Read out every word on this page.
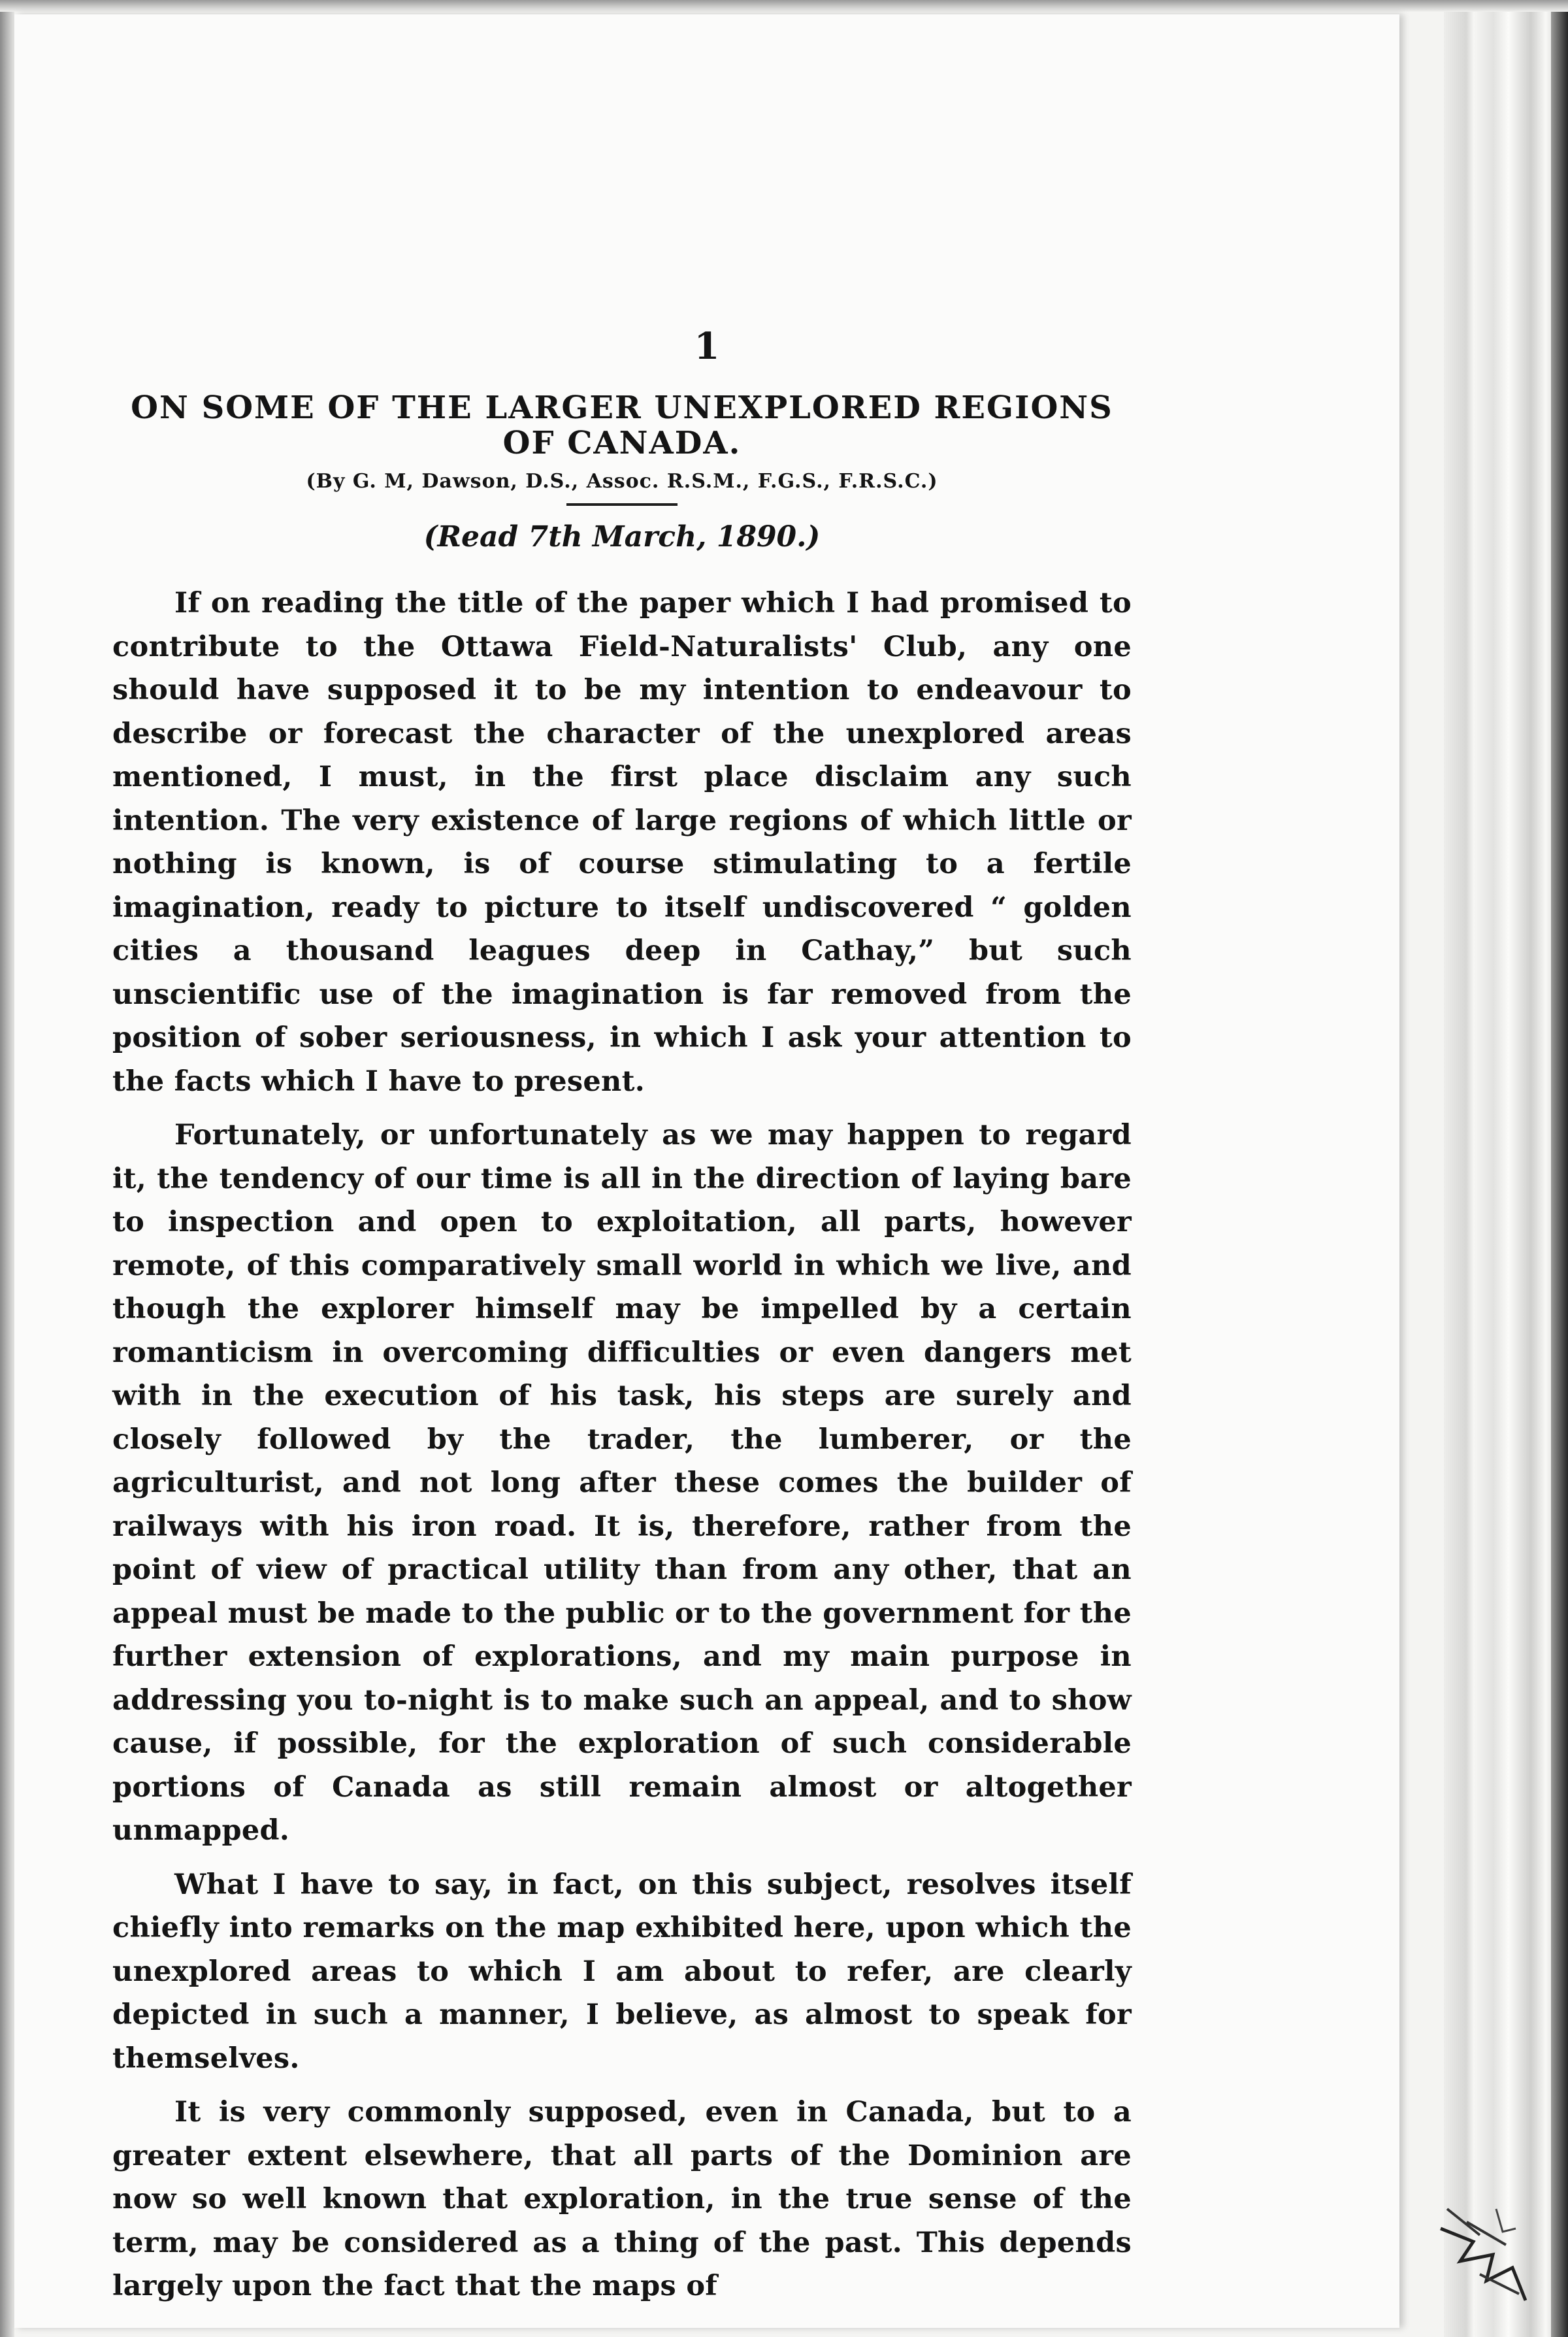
1
ON SOME OF THE LARGER UNEXPLORED REGIONS OF CANADA.
(By G. M, Dawson, D.S., Assoc. R.S.M., F.G.S., F.R.S.C.)
(Read 7th March, 1890.)

If on reading the title of the paper which I had promised to contribute to the Ottawa Field-Naturalists' Club, any one should have supposed it to be my intention to endeavour to describe or forecast the character of the unexplored areas mentioned, I must, in the first place disclaim any such intention. The very existence of large regions of which little or nothing is known, is of course stimulating to a fertile imagination, ready to picture to itself undiscovered “ golden cities a thousand leagues deep in Cathay,” but such unscientific use of the imagination is far removed from the position of sober seriousness, in which I ask your attention to the facts which I have to present.

Fortunately, or unfortunately as we may happen to regard it, the tendency of our time is all in the direction of laying bare to inspection and open to exploitation, all parts, however remote, of this comparatively small world in which we live, and though the explorer himself may be impelled by a certain romanticism in overcoming difficulties or even dangers met with in the execution of his task, his steps are surely and closely followed by the trader, the lumberer, or the agriculturist, and not long after these comes the builder of railways with his iron road. It is, therefore, rather from the point of view of practical utility than from any other, that an appeal must be made to the public or to the government for the further extension of explorations, and my main purpose in addressing you to-night is to make such an appeal, and to show cause, if possible, for the exploration of such considerable portions of Canada as still remain almost or altogether unmapped.

What I have to say, in fact, on this subject, resolves itself chiefly into remarks on the map exhibited here, upon which the unexplored areas to which I am about to refer, are clearly depicted in such a manner, I believe, as almost to speak for themselves.

It is very commonly supposed, even in Canada, but to a greater extent elsewhere, that all parts of the Dominion are now so well known that exploration, in the true sense of the term, may be considered as a thing of the past. This depends largely upon the fact that the maps of
